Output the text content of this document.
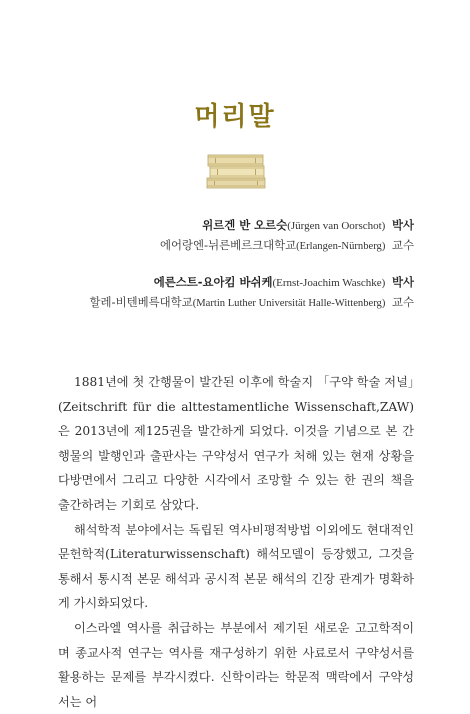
머리말
위르겐 반 오르슷(Jürgen van Oorschot) 박사
에어랑엔-뉘른베르크대학교(Erlangen-Nürnberg) 교수
에른스트-요아킴 바쉬케(Ernst-Joachim Waschke) 박사
할레-비텐베륵대학교(Martin Luther Universität Halle-Wittenberg) 교수

1881년에 첫 간행물이 발간된 이후에 학술지 「구약 학술 저널」(Zeitschrift für die alttestamentliche Wissenschaft,ZAW)은 2013년에 제125권을 발간하게 되었다. 이것을 기념으로 본 간행물의 발행인과 출판사는 구약성서 연구가 처해 있는 현재 상황을 다방면에서 그리고 다양한 시각에서 조망할 수 있는 한 권의 책을 출간하려는 기회로 삼았다.

해석학적 분야에서는 독립된 역사비평적방법 이외에도 현대적인 문헌학적(Literaturwissenschaft) 해석모델이 등장했고, 그것을 통해서 통시적 본문 해석과 공시적 본문 해석의 긴장 관계가 명확하게 가시화되었다.

이스라엘 역사를 취급하는 부분에서 제기된 새로운 고고학적이며 종교사적 연구는 역사를 재구성하기 위한 사료로서 구약성서를 활용하는 문제를 부각시켰다. 신학이라는 학문적 맥락에서 구약성서는 어
